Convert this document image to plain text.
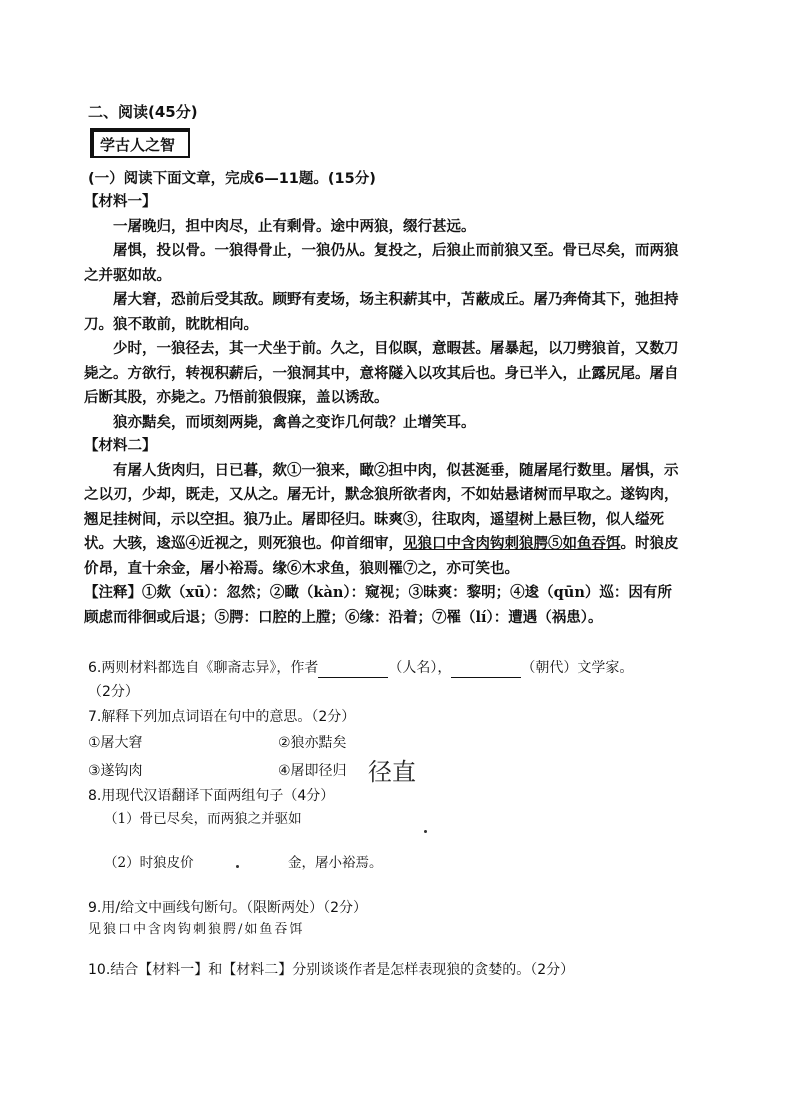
二、阅读(45分)
学古人之智
(一）阅读下面文章，完成6—11题。(15分)

【材料一】

一屠晚归，担中肉尽，止有剩骨。途中两狼，缀行甚远。

屠惧，投以骨。一狼得骨止，一狼仍从。复投之，后狼止而前狼又至。骨已尽矣，而两狼之并驱如故。

屠大窘，恐前后受其敌。顾野有麦场，场主积薪其中，苫蔽成丘。屠乃奔倚其下，弛担持刀。狼不敢前，眈眈相向。

少时，一狼径去，其一犬坐于前。久之，目似瞑，意暇甚。屠暴起，以刀劈狼首，又数刀毙之。方欲行，转视积薪后，一狼洞其中，意将隧入以攻其后也。身已半入，止露尻尾。屠自后断其股，亦毙之。乃悟前狼假寐，盖以诱敌。

狼亦黠矣，而顷刻两毙，禽兽之变诈几何哉？止增笑耳。

【材料二】

有屠人货肉归，日已暮，欻①一狼来，瞰②担中肉，似甚涎垂，随屠尾行数里。屠惧，示之以刃，少却，既走，又从之。屠无计，默念狼所欲者肉，不如姑悬诸树而早取之。遂钩肉，翘足挂树间，示以空担。狼乃止。屠即径归。昧爽③，往取肉，遥望树上悬巨物，似人缢死状。大骇，逡巡④近视之，则死狼也。仰首细审，见狼口中含肉钩刺狼腭⑤如鱼吞饵。时狼皮价昂，直十余金，屠小裕焉。缘⑥木求鱼，狼则罹⑦之，亦可笑也。

【注释】①欻（xū）：忽然；②瞰（kàn）：窥视；③昧爽：黎明；④逡（qūn）巡：因有所顾虑而徘徊或后退；⑤腭：口腔的上膛；⑥缘：沿着；⑦罹（lí）：遭遇（祸患）。

6.两则材料都选自《聊斋志异》，作者	（人名），	（朝代）文学家。
（2分）
7.解释下列加点词语在句中的意思。（2分）
①屠大窘	②狼亦黠矣
③遂钩肉	④屠即径归 径直
8.用现代汉语翻译下面两组句子（4分）
（1）骨已尽矣，而两狼之并驱如
（2）时狼皮价	金，屠小裕焉。
9.用/给文中画线句断句。（限断两处）（2分）
见狼口中含肉钩刺狼腭/如鱼吞饵
10.结合【材料一】和【材料二】分别谈谈作者是怎样表现狼的贪婪的。（2分）
